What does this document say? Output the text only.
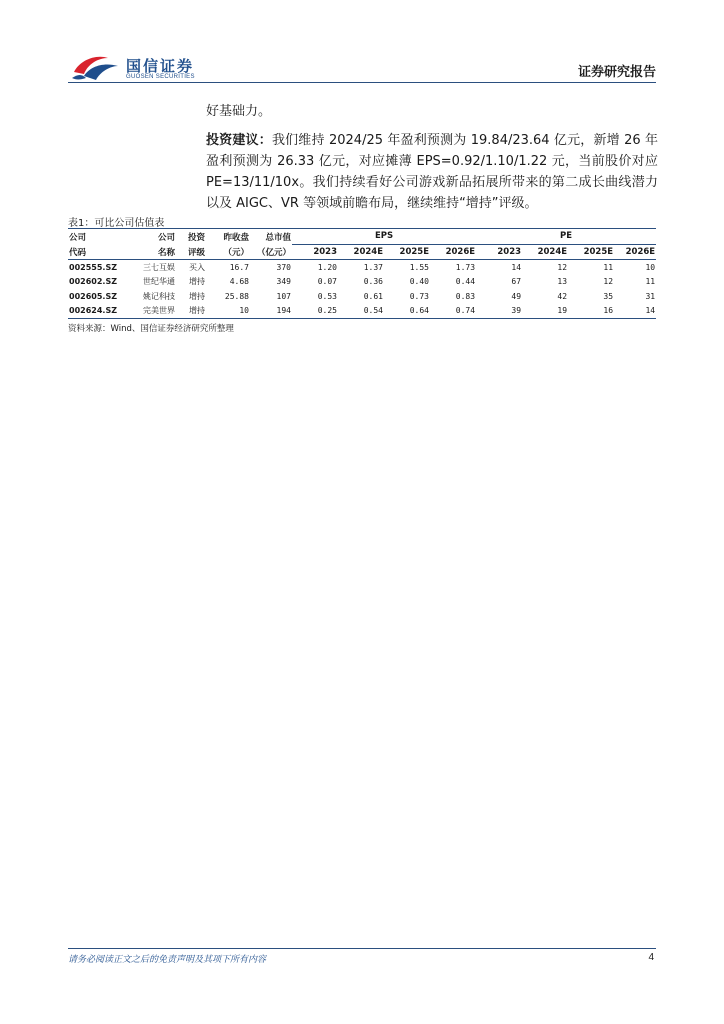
国信证券
GUOSEN SECURITIES	证券研究报告
好基础力。
投资建议：我们维持 2024/25 年盈利预测为 19.84/23.64 亿元，新增 26 年盈利预测为 26.33 亿元，对应摊薄 EPS=0.92/1.10/1.22 元，当前股价对应 PE=13/11/10x。我们持续看好公司游戏新品拓展所带来的第二成长曲线潜力以及 AIGC、VR 等领域前瞻布局，继续维持“增持”评级。
表1：可比公司估值表
公司	公司	投资	昨收盘	总市值	EPS				PE			
代码	名称	评级	（元）	（亿元）	2023	2024E	2025E	2026E	2023	2024E	2025E	2026E
002555.SZ	三七互娱	买入	16.7	370	1.20	1.37	1.55	1.73	14	12	11	10
002602.SZ	世纪华通	增持	4.68	349	0.07	0.36	0.40	0.44	67	13	12	11
002605.SZ	姚记科技	增持	25.88	107	0.53	0.61	0.73	0.83	49	42	35	31
002624.SZ	完美世界	增持	10	194	0.25	0.54	0.64	0.74	39	19	16	14
资料来源：Wind、国信证券经济研究所整理
请务必阅读正文之后的免责声明及其项下所有内容	4
